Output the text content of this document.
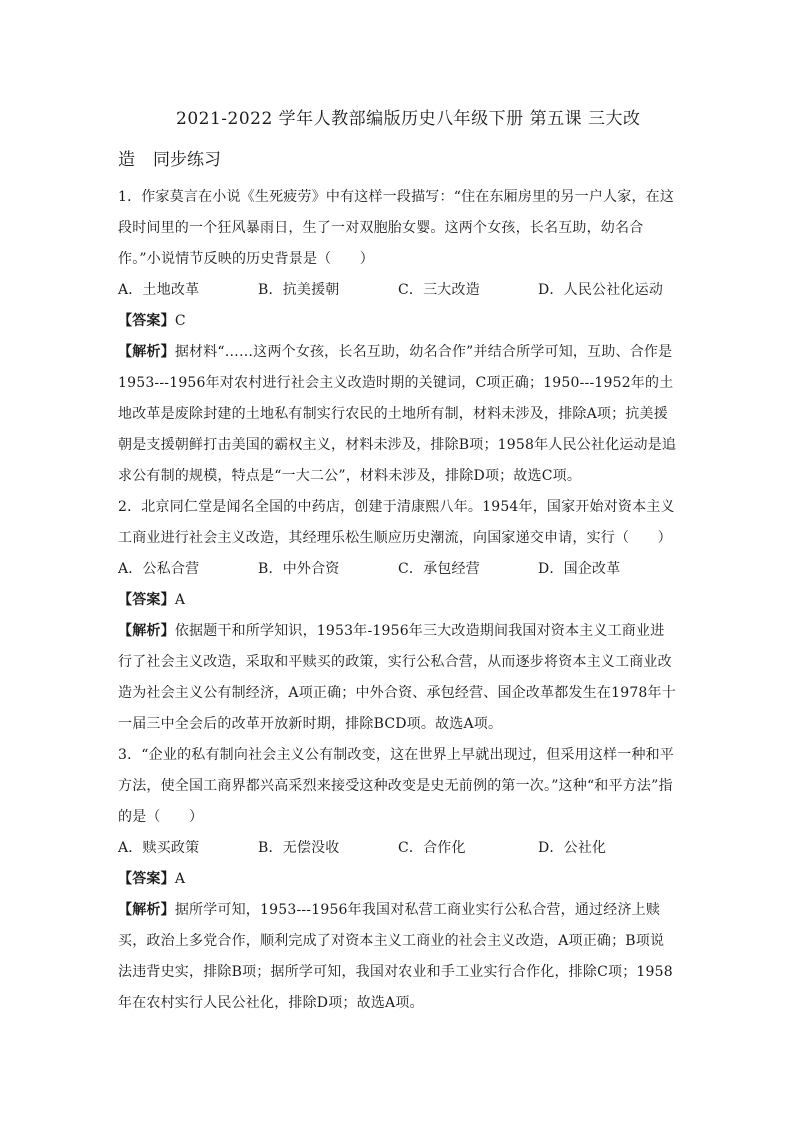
2021-2022 学年人教部编版历史八年级下册 第五课 三大改
造 同步练习

1．作家莫言在小说《生死疲劳》中有这样一段描写：“住在东厢房里的另一户人家，在这段时间里的一个狂风暴雨日，生了一对双胞胎女婴。这两个女孩，长名互助，幼名合作。”小说情节反映的历史背景是（　　）

A．土地改革	B．抗美援朝	C．三大改造	D．人民公社化运动

【答案】C

【解析】据材料“……这两个女孩，长名互助，幼名合作”并结合所学可知，互助、合作是1953---1956年对农村进行社会主义改造时期的关键词，C项正确；1950---1952年的土地改革是废除封建的土地私有制实行农民的土地所有制，材料未涉及，排除A项；抗美援朝是支援朝鲜打击美国的霸权主义，材料未涉及，排除B项；1958年人民公社化运动是追求公有制的规模，特点是“一大二公”，材料未涉及，排除D项；故选C项。

2．北京同仁堂是闻名全国的中药店，创建于清康熙八年。1954年，国家开始对资本主义工商业进行社会主义改造，其经理乐松生顺应历史潮流，向国家递交申请，实行（　　）

A．公私合营	B．中外合资	C．承包经营	D．国企改革

【答案】A

【解析】依据题干和所学知识，1953年-1956年三大改造期间我国对资本主义工商业进行了社会主义改造，采取和平赎买的政策，实行公私合营，从而逐步将资本主义工商业改造为社会主义公有制经济，A项正确；中外合资、承包经营、国企改革都发生在1978年十一届三中全会后的改革开放新时期，排除BCD项。故选A项。

3．“企业的私有制向社会主义公有制改变，这在世界上早就出现过，但采用这样一种和平方法，使全国工商界都兴高采烈来接受这种改变是史无前例的第一次。”这种“和平方法”指的是（　　）

A．赎买政策	B．无偿没收	C．合作化	D．公社化

【答案】A

【解析】据所学可知，1953---1956年我国对私营工商业实行公私合营，通过经济上赎买，政治上多党合作，顺利完成了对资本主义工商业的社会主义改造，A项正确；B项说法违背史实，排除B项；据所学可知，我国对农业和手工业实行合作化，排除C项；1958年在农村实行人民公社化，排除D项；故选A项。
